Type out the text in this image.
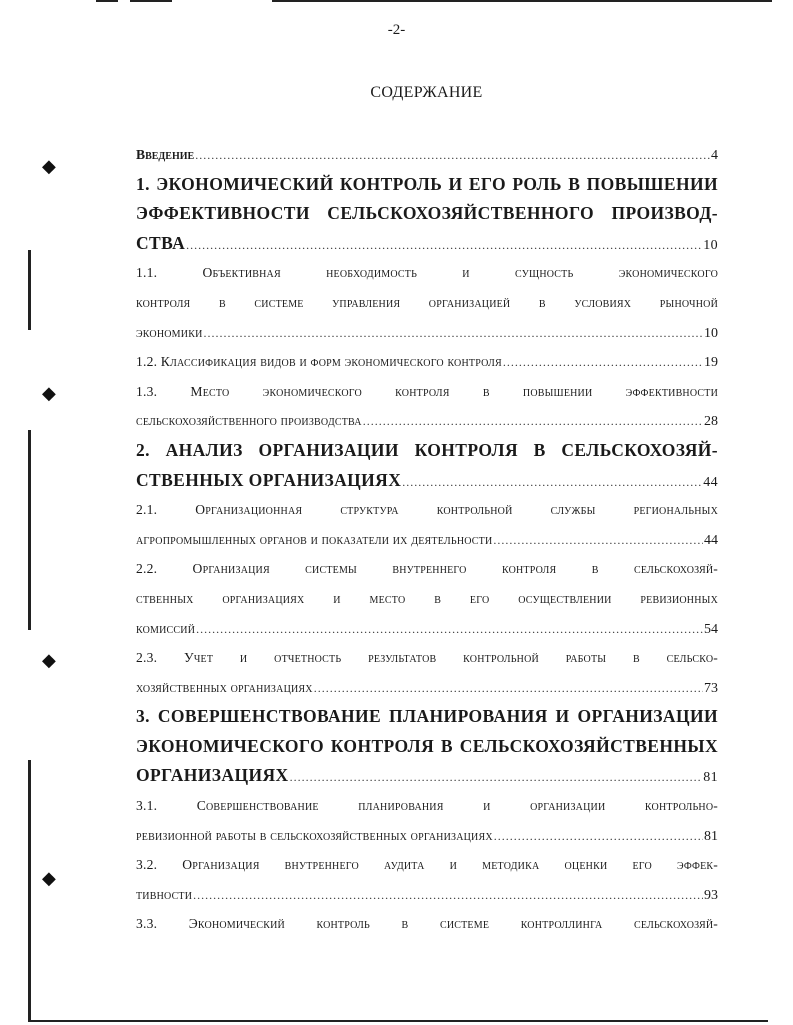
◆
◆
◆
◆
-2-
СОДЕРЖАНИЕ
Введение .....	4
1. ЭКОНОМИЧЕСКИЙ КОНТРОЛЬ И ЕГО РОЛЬ В ПОВЫШЕНИИ
ЭФФЕКТИВНОСТИ СЕЛЬСКОХОЗЯЙСТВЕННОГО ПРОИЗВОД-
СТВА .....	10
1.1. Объективная необходимость и сущность экономического
контроля в системе управления организацией в условиях рыночной
экономики .....	10
1.2. Классификация видов и форм экономического контроля .....	19
1.3. Место экономического контроля в повышении эффективности
сельскохозяйственного производства .....	28
2. АНАЛИЗ ОРГАНИЗАЦИИ КОНТРОЛЯ В СЕЛЬСКОХОЗЯЙ-
СТВЕННЫХ ОРГАНИЗАЦИЯХ .....	44
2.1. Организационная структура контрольной службы региональных
агропромышленных органов и показатели их деятельности .....	44
2.2. Организация системы внутреннего контроля в сельскохозяй-
ственных организациях и место в его осуществлении ревизионных
комиссий .....	54
2.3. Учет и отчетность результатов контрольной работы в сельско-
хозяйственных организациях .....	73
3. СОВЕРШЕНСТВОВАНИЕ ПЛАНИРОВАНИЯ И ОРГАНИЗАЦИИ
ЭКОНОМИЧЕСКОГО КОНТРОЛЯ В СЕЛЬСКОХОЗЯЙСТВЕННЫХ
ОРГАНИЗАЦИЯХ .....	81
3.1. Совершенствование планирования и организации контрольно-
ревизионной работы в сельскохозяйственных организациях .....	81
3.2. Организация внутреннего аудита и методика оценки его эффек-
тивности .....	93
3.3. Экономический контроль в системе контроллинга сельскохозяй-
